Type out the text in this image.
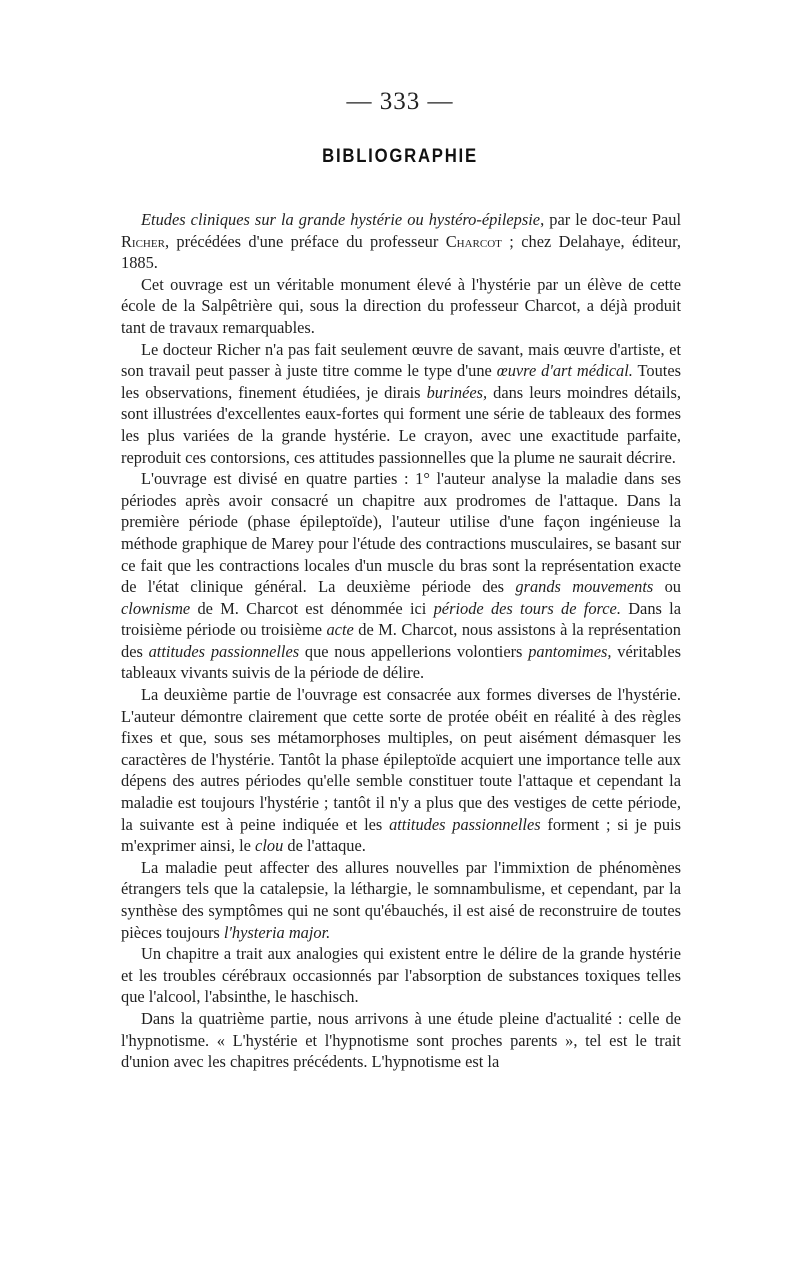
— 333 —
BIBLIOGRAPHIE

Etudes cliniques sur la grande hystérie ou hystéro-épilepsie, par le doc-teur Paul Richer, précédées d'une préface du professeur Charcot ; chez Delahaye, éditeur, 1885.

Cet ouvrage est un véritable monument élevé à l'hystérie par un élève de cette école de la Salpêtrière qui, sous la direction du professeur Charcot, a déjà produit tant de travaux remarquables.

Le docteur Richer n'a pas fait seulement œuvre de savant, mais œuvre d'artiste, et son travail peut passer à juste titre comme le type d'une œuvre d'art médical. Toutes les observations, finement étudiées, je dirais burinées, dans leurs moindres détails, sont illustrées d'excellentes eaux-fortes qui forment une série de tableaux des formes les plus variées de la grande hystérie. Le crayon, avec une exactitude parfaite, reproduit ces contorsions, ces attitudes passionnelles que la plume ne saurait décrire.

L'ouvrage est divisé en quatre parties : 1° l'auteur analyse la maladie dans ses périodes après avoir consacré un chapitre aux prodromes de l'attaque. Dans la première période (phase épileptoïde), l'auteur utilise d'une façon ingénieuse la méthode graphique de Marey pour l'étude des contractions musculaires, se basant sur ce fait que les contractions locales d'un muscle du bras sont la représentation exacte de l'état clinique général. La deuxième période des grands mouvements ou clownisme de M. Charcot est dénommée ici période des tours de force. Dans la troisième période ou troisième acte de M. Charcot, nous assistons à la représentation des attitudes passionnelles que nous appellerions volontiers pantomimes, véritables tableaux vivants suivis de la période de délire.

La deuxième partie de l'ouvrage est consacrée aux formes diverses de l'hystérie. L'auteur démontre clairement que cette sorte de protée obéit en réalité à des règles fixes et que, sous ses métamorphoses multiples, on peut aisément démasquer les caractères de l'hystérie. Tantôt la phase épileptoïde acquiert une importance telle aux dépens des autres périodes qu'elle semble constituer toute l'attaque et cependant la maladie est toujours l'hystérie ; tantôt il n'y a plus que des vestiges de cette période, la suivante est à peine indiquée et les attitudes passionnelles forment ; si je puis m'exprimer ainsi, le clou de l'attaque.

La maladie peut affecter des allures nouvelles par l'immixtion de phénomènes étrangers tels que la catalepsie, la léthargie, le somnambulisme, et cependant, par la synthèse des symptômes qui ne sont qu'ébauchés, il est aisé de reconstruire de toutes pièces toujours l'hysteria major.

Un chapitre a trait aux analogies qui existent entre le délire de la grande hystérie et les troubles cérébraux occasionnés par l'absorption de substances toxiques telles que l'alcool, l'absinthe, le haschisch.

Dans la quatrième partie, nous arrivons à une étude pleine d'actualité : celle de l'hypnotisme. « L'hystérie et l'hypnotisme sont proches parents », tel est le trait d'union avec les chapitres précédents. L'hypnotisme est la
